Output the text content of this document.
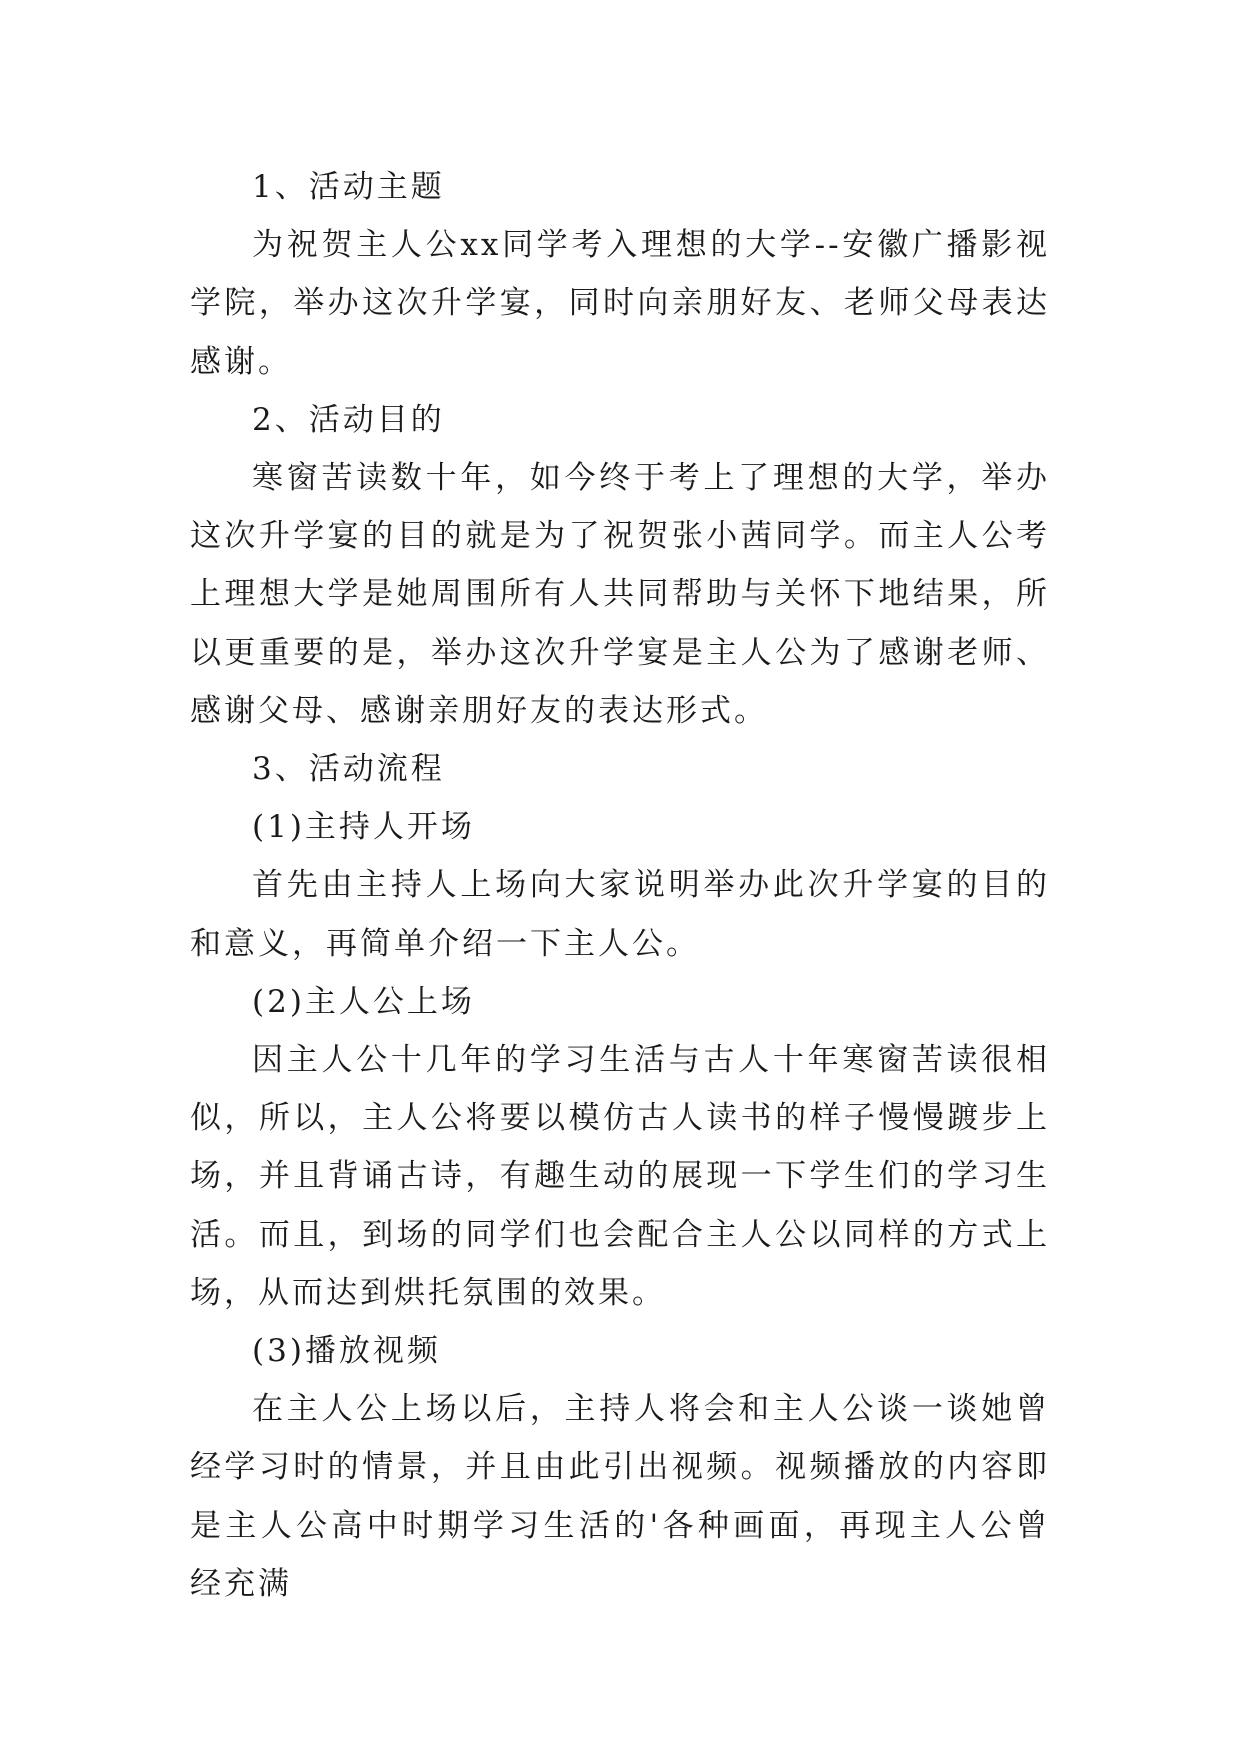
1、活动主题

为祝贺主人公xx同学考入理想的大学--安徽广播影视学院，举办这次升学宴，同时向亲朋好友、老师父母表达感谢。

2、活动目的

寒窗苦读数十年，如今终于考上了理想的大学，举办这次升学宴的目的就是为了祝贺张小茜同学。而主人公考上理想大学是她周围所有人共同帮助与关怀下地结果，所以更重要的是，举办这次升学宴是主人公为了感谢老师、感谢父母、感谢亲朋好友的表达形式。

3、活动流程

(1)主持人开场

首先由主持人上场向大家说明举办此次升学宴的目的和意义，再简单介绍一下主人公。

(2)主人公上场

因主人公十几年的学习生活与古人十年寒窗苦读很相似，所以，主人公将要以模仿古人读书的样子慢慢踱步上场，并且背诵古诗，有趣生动的展现一下学生们的学习生活。而且，到场的同学们也会配合主人公以同样的方式上场，从而达到烘托氛围的效果。

(3)播放视频

在主人公上场以后，主持人将会和主人公谈一谈她曾经学习时的情景，并且由此引出视频。视频播放的内容即是主人公高中时期学习生活的'各种画面，再现主人公曾经充满
